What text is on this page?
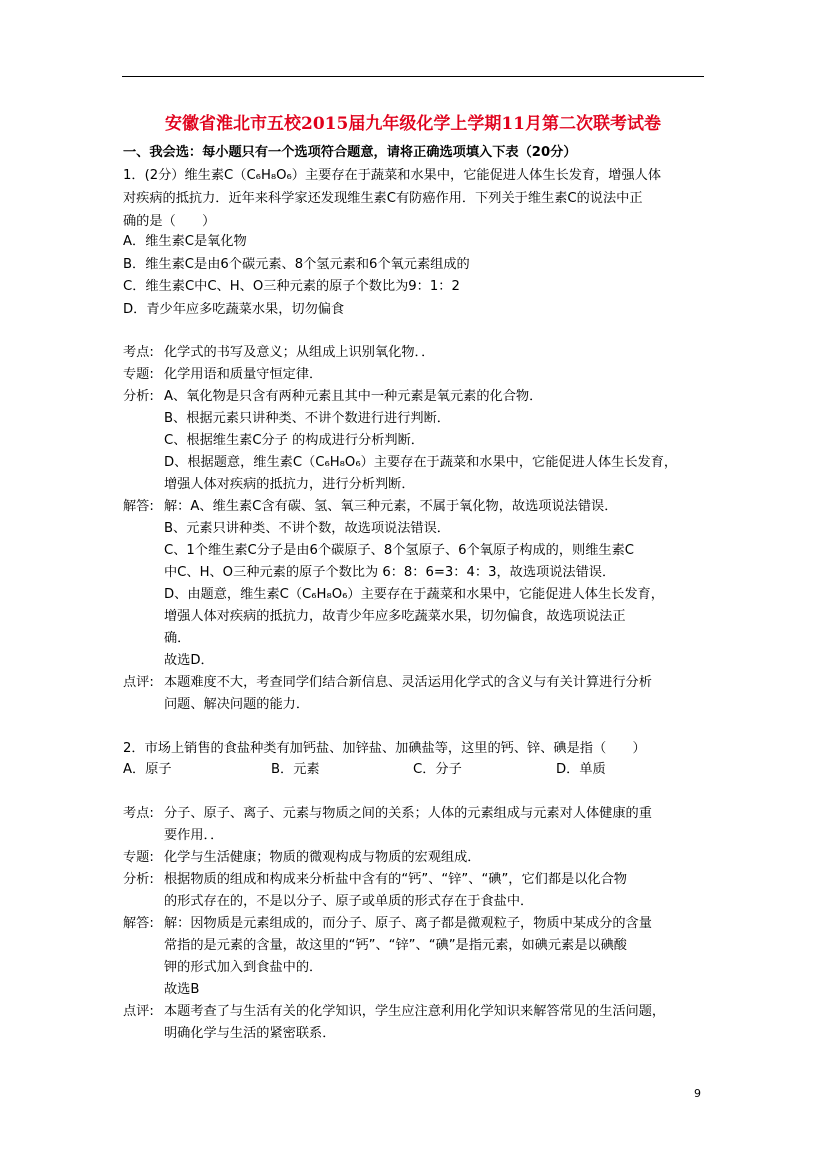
安徽省淮北市五校2015届九年级化学上学期11月第二次联考试卷
一、我会选：每小题只有一个选项符合题意，请将正确选项填入下表（20分）
1．(2分）维生素C（C₆H₈O₆）主要存在于蔬菜和水果中，它能促进人体生长发育，增强人体
对疾病的抵抗力．近年来科学家还发现维生素C有防癌作用．下列关于维生素C的说法中正
确的是（　　）
A．维生素C是氧化物
B．维生素C是由6个碳元素、8个氢元素和6个氧元素组成的
C．维生素C中C、H、O三种元素的原子个数比为9：1：2
D．青少年应多吃蔬菜水果，切勿偏食
考点: 化学式的书写及意义；从组成上识别氧化物．．
专题: 化学用语和质量守恒定律．
分析: A、氧化物是只含有两种元素且其中一种元素是氧元素的化合物．
B、根据元素只讲种类、不讲个数进行进行判断．
C、根据维生素C分子 的构成进行分析判断．
D、根据题意，维生素C（C₆H₈O₆）主要存在于蔬菜和水果中，它能促进人体生长发育，
增强人体对疾病的抵抗力，进行分析判断．
解答: 解：A、维生素C含有碳、氢、氧三种元素，不属于氧化物，故选项说法错误．
B、元素只讲种类、不讲个数，故选项说法错误．
C、1个维生素C分子是由6个碳原子、8个氢原子、6个氧原子构成的，则维生素C
中C、H、O三种元素的原子个数比为 6：8：6=3：4：3，故选项说法错误．
D、由题意，维生素C（C₆H₈O₆）主要存在于蔬菜和水果中，它能促进人体生长发育，
增强人体对疾病的抵抗力，故青少年应多吃蔬菜水果，切勿偏食，故选项说法正
确．
故选D．
点评: 本题难度不大，考查同学们结合新信息、灵活运用化学式的含义与有关计算进行分析
问题、解决问题的能力．
2．市场上销售的食盐种类有加钙盐、加锌盐、加碘盐等，这里的钙、锌、碘是指（　　）
A．原子	B．元素	C．分子	D．单质
考点: 分子、原子、离子、元素与物质之间的关系；人体的元素组成与元素对人体健康的重
要作用．．
专题: 化学与生活健康；物质的微观构成与物质的宏观组成．
分析: 根据物质的组成和构成来分析盐中含有的“钙”、“锌”、“碘”，它们都是以化合物
的形式存在的，不是以分子、原子或单质的形式存在于食盐中．
解答: 解：因物质是元素组成的，而分子、原子、离子都是微观粒子，物质中某成分的含量
常指的是元素的含量，故这里的“钙”、“锌”、“碘”是指元素，如碘元素是以碘酸
钾的形式加入到食盐中的．
故选B
点评: 本题考查了与生活有关的化学知识，学生应注意利用化学知识来解答常见的生活问题，
明确化学与生活的紧密联系．
9
